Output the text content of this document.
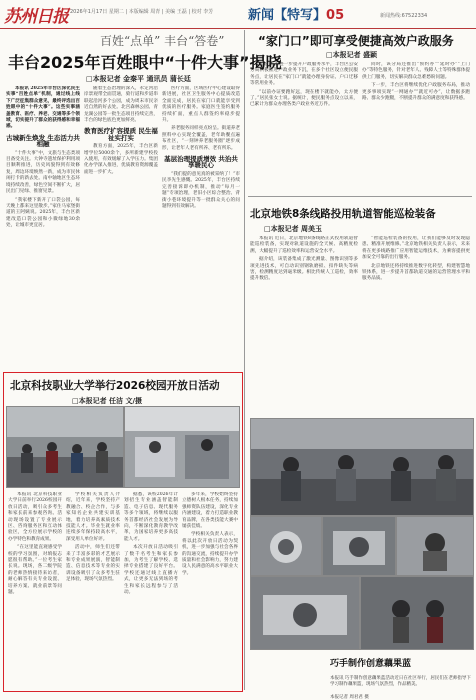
苏州日报 2026年1月17日 星期二 | 本版编辑 周青 | 美编 王磊 | 校对 李芳	新闻【特写】05	新闻热线:67522334
百姓“点单” 丰台“答卷”
丰台2025年百姓眼中“十件大事”揭晓
□本报记者 金秦平 通讯员 蒲长廷

本报讯 2025年丰台区深化民生实事“百姓点单”机制，通过线上线下广泛征集群众意见，最终评选出百姓眼中的“十件大事”。这些实事涵盖教育、医疗、养老、交通等多个领域，切实提升了群众的获得感和幸福感。

古城新生焕发 生态活力共相融

“十件大事”中，文旅与生态类项目备受关注。大钟寺遗址保护利用项目顺利推进，历史风貌得到有效修复，周边环境焕然一新，成为市民休闲打卡的新去处。南中轴地区生态环境持续改善，绿色空间不断扩大，居民出门见绿、推窗见景。

“我家楼下新开了口袋公园，每天晚上都来这里散步。”家住马家堡街道的王阿姨说。2025年，丰台区新建改造口袋公园和小微绿地30余处，让城市更宜居。

随着生态治理的深入，永定河沿岸景观带全面贯通，骑行道和步道串联起沿河多个公园，成为周末市民亲近自然的好去处。北宫森林公园、青龙湖公园等一批生态项目持续完善，丰台的绿色底色更加鲜亮。

教育医疗扩容提质 民生福祉实打实

教育方面，2025年，丰台区新增学位5000余个，多所新建学校投入使用，有效缓解了入学压力。集团化办学深入推进，优质教育资源覆盖面进一步扩大。

医疗方面，区域医疗中心建设取得新进展，社区卫生服务中心提质改造全面完成，居民在家门口就能享受到优质的医疗服务。家庭医生签约服务持续扩面，重点人群签约率稳步提升。

养老服务同样亮点纷呈。街道养老照料中心实现全覆盖，老年助餐点遍布社区，“一刻钟养老服务圈”逐步成形，让老年人老有所养、老有所乐。

基层治理提质增效 共治共享暖民心

“我们提的意见真的被采纳了！”市民李先生感慨。2025年，丰台区持续完善接诉即办机制，推动“每月一题”专项治理，老旧小区综合整治、背街小巷环境提升等一批群众关心的问题得到有效解决。

“家门口”即可享受便捷高效户政服务
□本报记者 盛颖

本报讯 为进一步提升户政服务水平，丰台区公安分局积极推进户政业务下沉，在多个社区设立便民服务点，让居民在“家门口”就能办理身份证、户口迁移等常用业务。

“以前办证要跑好远，现在楼下就能办，太方便了。”居民张女士说。据统计，便民服务点设立以来，已累计为群众办理各类户政业务近万件。

同时，该分局还推出“预约办”“延时办”“上门办”等特色服务，针对老年人、残障人士等特殊群体提供上门服务，切实解决群众急难愁盼问题。

下一步，丰台区将继续优化户政服务布局，推动更多事项实现“一网通办”“就近可办”，让数据多跑路、群众少跑腿，不断提升群众的满意度和获得感。

北京地铁8条线路投用轨道智能巡检装备
□本报记者 周美玉

本报讯 近日，北京地铁8条线路正式投用轨道智能巡检装备，实现对轨道设施的全天候、高精度检测，大幅提升了巡检效率和运营安全水平。

据介绍，该装备集成了激光测量、图像识别等多项先进技术，可自动识别钢轨磨损、扣件缺失等病害，检测精度达到毫米级。相比传统人工巡检，效率提升数倍。

“智能巡检装备的投用，让我们能够及时发现隐患、精准开展维修。”北京地铁相关负责人表示，未来将在更多线路推广应用智能运维技术，为乘客提供更加安全可靠的出行服务。

北京地铁还将持续推进数字化转型，构建智慧地铁体系，进一步提升首都轨道交通的运营管理水平和服务品质。

北京科技职业大学举行2026校园开放日活动
□本报记者 任洁 文/摄

本报讯 北京科技职业大学日前举行2026校园开放日活动，吸引众多考生和家长前来参观咨询。活动现场设置了专业展示区、咨询服务区和互动体验区，全方位展示学校的办学特色和教育成果。

“在这里能直观感受学校的学习氛围，对填报志愿很有帮助。”一位考生家长说。现场，各二级学院的老师热情接待来访者，耐心解答有关专业设置、培养方案、就业前景等问题。

学校相关负责人介绍，近年来，学校坚持产教融合、校企合作，与多家知名企业共建实训基地，着力培养高素质技术技能人才。毕业生就业率连续多年保持较高水平，深受用人单位好评。

活动中，师生们还带来了丰富多彩的才艺展示和专业成果展演，智能制造、信息技术等专业的实训设备吸引了众多考生驻足体验，现场气氛热烈。

据悉，该校2026年计划招生专业涵盖智能制造、电子信息、现代服务等多个领域，将继续以服务首都经济社会发展为导向，不断深化教育教学改革，为国家培养更多高技能人才。

本次开放日活动吸引了数千名考生和家长参加，为考生了解学校、选择专业搭建了良好平台。学校还通过线上直播方式，让更多无法到场的考生和家长远程参与了活动。

多年来，学校始终坚持立德树人根本任务，持续加强师资队伍建设，深化专业内涵建设，着力打造职业教育品牌，在各类技能大赛中屡获佳绩。

学校相关负责人表示，将以此次开放日活动为契机，进一步加强与社会各界的沟通交流，持续提升办学质量和社会影响力，努力建设人民满意的高水平职业大学。

巧手制作创意藕果蓝
本报讯 巧手制作创意藕果蓝活动近日在社区举行，居民们在老师指导下学习制作藕果篮，现场气氛热烈，作品精美。
本报记者 周君君 摄
